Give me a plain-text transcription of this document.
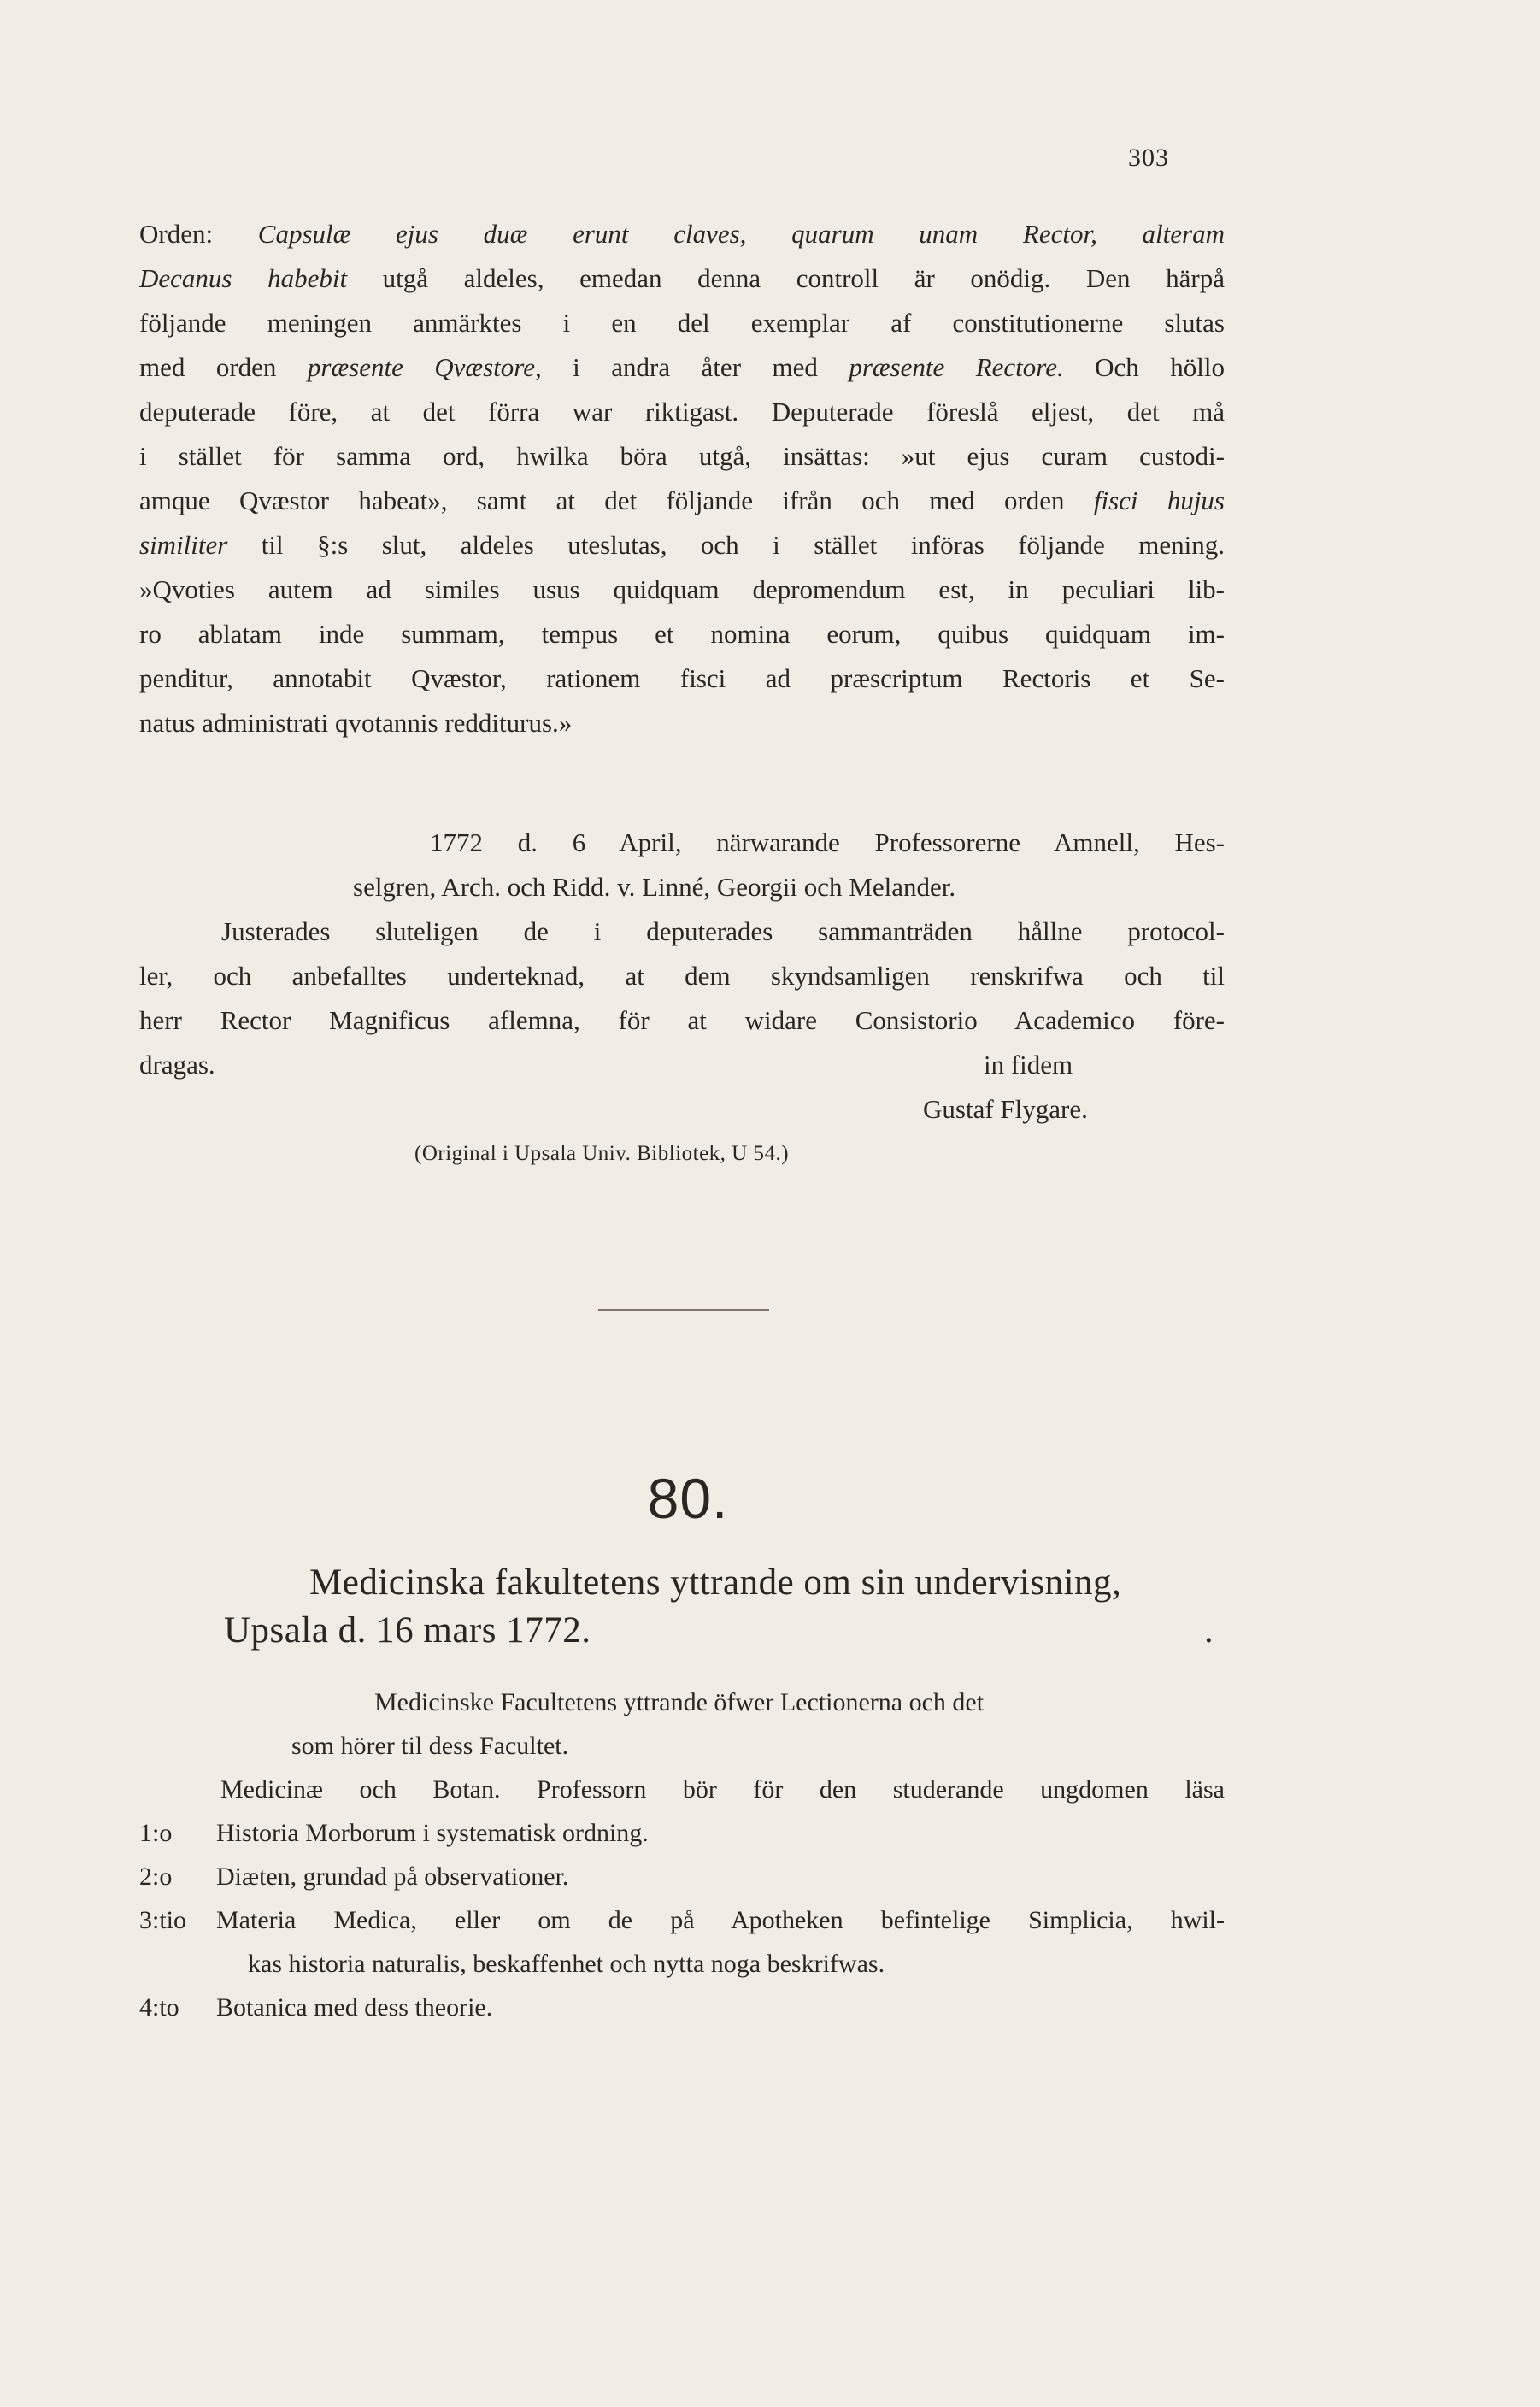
303
Orden: Capsulæ ejus duæ erunt claves, quarum unam Rector, alteram
Decanus habebit utgå aldeles, emedan denna controll är onödig. Den härpå
följande meningen anmärktes i en del exemplar af constitutionerne slutas
med orden præsente Qvæstore, i andra åter med præsente Rectore. Och höllo
deputerade före, at det förra war riktigast. Deputerade föreslå eljest, det må
i stället för samma ord, hwilka böra utgå, insättas: »ut ejus curam custodi-
amque Qvæstor habeat», samt at det följande ifrån och med orden fisci hujus
similiter til §:s slut, aldeles uteslutas, och i stället införas följande mening.
»Qvoties autem ad similes usus quidquam depromendum est, in peculiari lib-
ro ablatam inde summam, tempus et nomina eorum, quibus quidquam im-
penditur, annotabit Qvæstor, rationem fisci ad præscriptum Rectoris et Se-
natus administrati qvotannis redditurus.»
1772 d. 6 April, närwarande Professorerne Amnell, Hes-
selgren, Arch. och Ridd. v. Linné, Georgii och Melander.
Justerades sluteligen de i deputerades sammanträden hållne protocol-
ler, och anbefalltes underteknad, at dem skyndsamligen renskrifwa och til
herr Rector Magnificus aflemna, för at widare Consistorio Academico före-
dragas.	in fidem
Gustaf Flygare.
(Original i Upsala Univ. Bibliotek, U 54.)
80.
Medicinska fakultetens yttrande om sin undervisning,
Upsala d. 16 mars 1772.	.
Medicinske Facultetens yttrande öfwer Lectionerna och det
som hörer til dess Facultet.
Medicinæ och Botan. Professorn bör för den studerande ungdomen läsa
1:o Historia Morborum i systematisk ordning.
2:o Diæten, grundad på observationer.
3:tio Materia Medica, eller om de på Apotheken befintelige Simplicia, hwil-
kas historia naturalis, beskaffenhet och nytta noga beskrifwas.
4:to Botanica med dess theorie.
